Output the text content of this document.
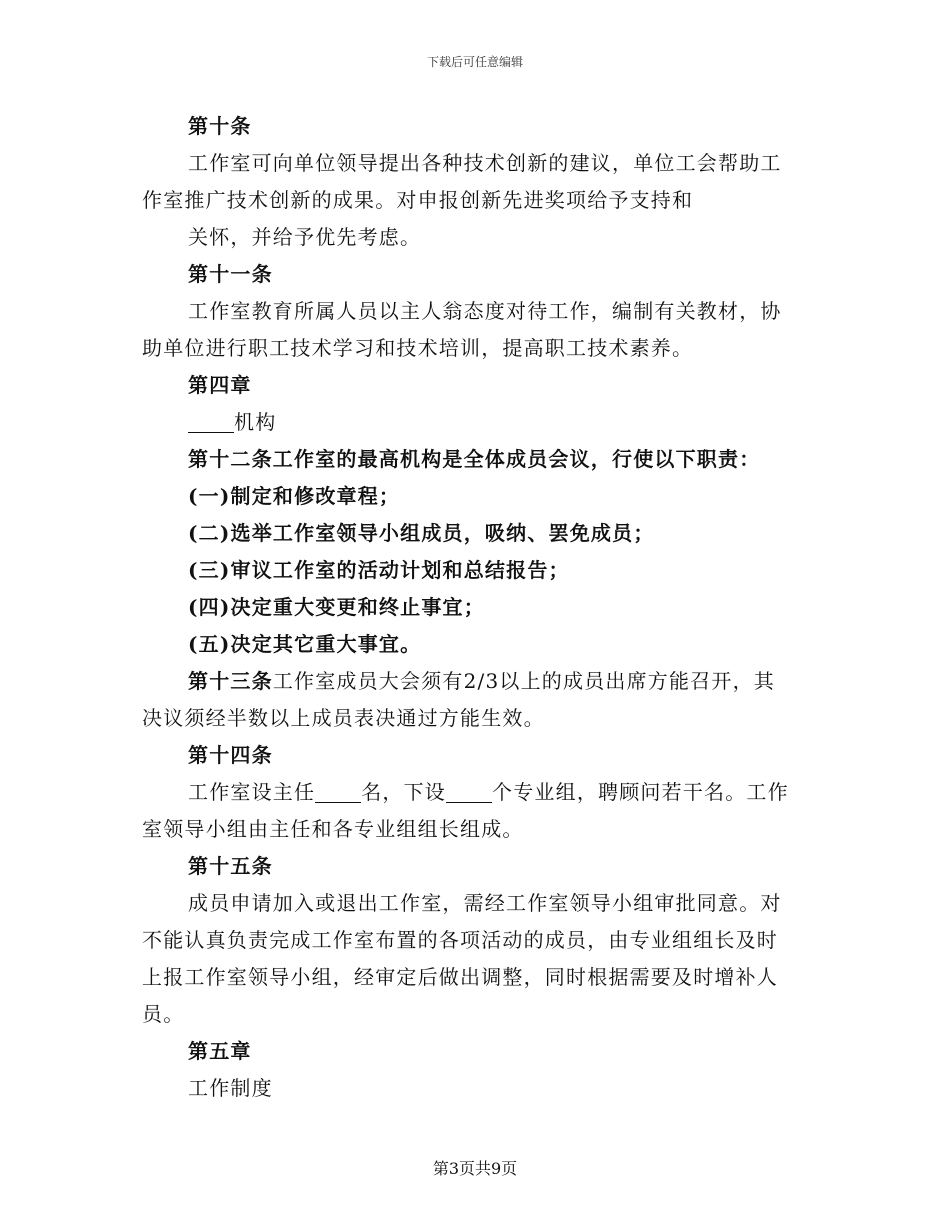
下载后可任意编辑
第十条
工作室可向单位领导提出各种技术创新的建议，单位工会帮助工
作室推广技术创新的成果。对申报创新先进奖项给予支持和
关怀，并给予优先考虑。
第十一条
工作室教育所属人员以主人翁态度对待工作，编制有关教材，协
助单位进行职工技术学习和技术培训，提高职工技术素养。
第四章
机构
第十二条工作室的最高机构是全体成员会议，行使以下职责：
(一)制定和修改章程；
(二)选举工作室领导小组成员，吸纳、罢免成员；
(三)审议工作室的活动计划和总结报告；
(四)决定重大变更和终止事宜；
(五)决定其它重大事宜。
第十三条工作室成员大会须有2/3以上的成员出席方能召开，其
决议须经半数以上成员表决通过方能生效。
第十四条
工作室设主任 名，下设 个专业组，聘顾问若干名。工作
室领导小组由主任和各专业组组长组成。
第十五条
成员申请加入或退出工作室，需经工作室领导小组审批同意。对
不能认真负责完成工作室布置的各项活动的成员，由专业组组长及时
上报工作室领导小组，经审定后做出调整，同时根据需要及时增补人
员。
第五章
工作制度
第3页共9页
